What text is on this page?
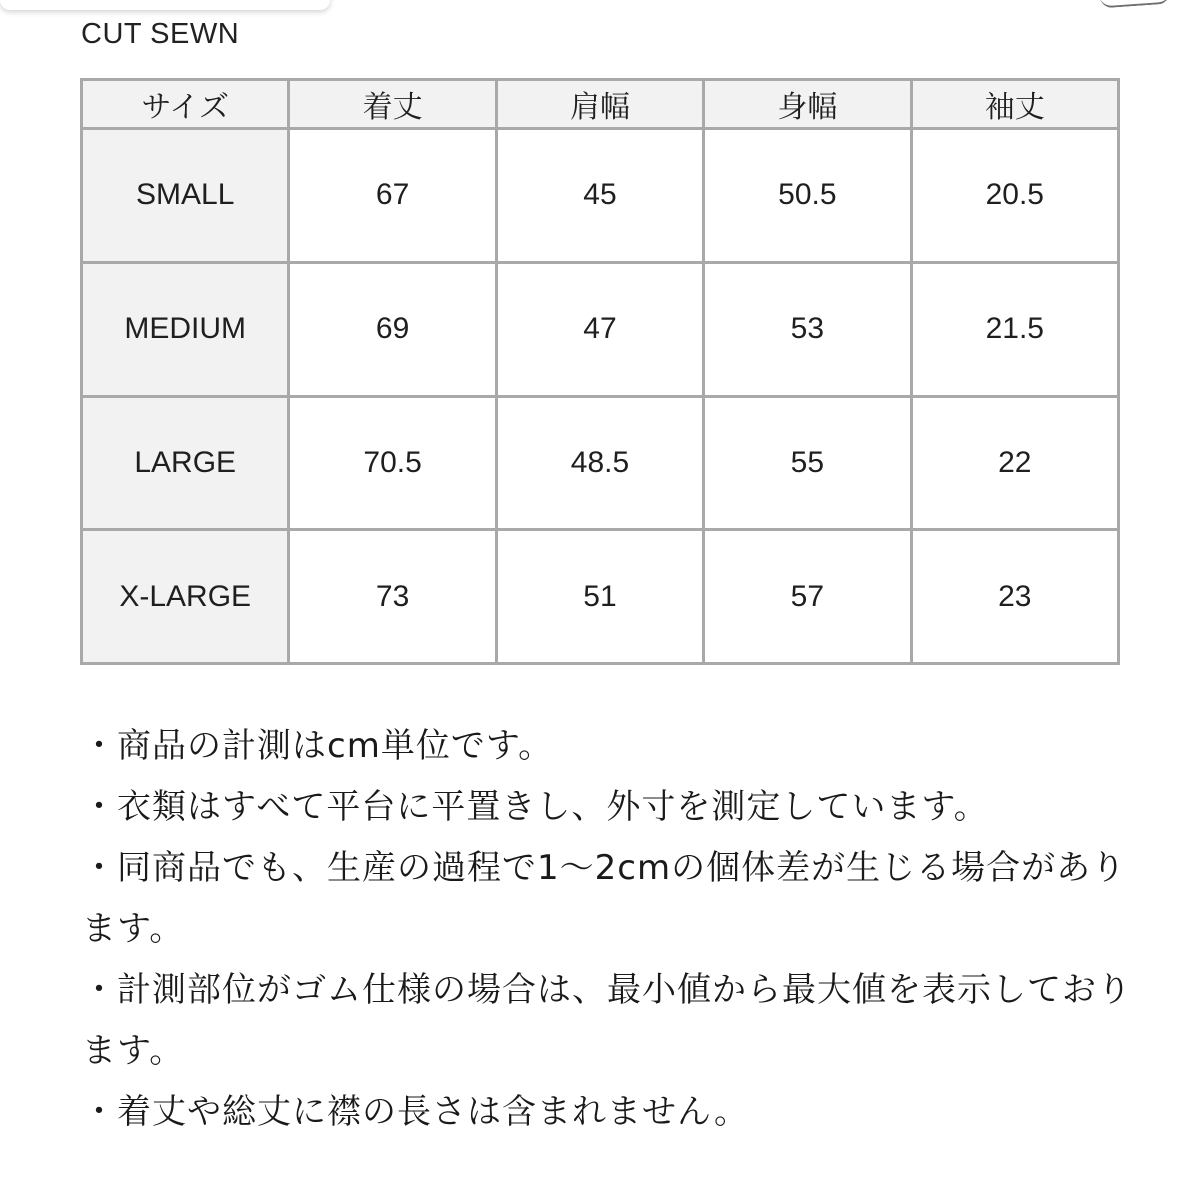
CUT SEWN
サイズ	着丈	肩幅	身幅	袖丈
SMALL	67	45	50.5	20.5
MEDIUM	69	47	53	21.5
LARGE	70.5	48.5	55	22
X-LARGE	73	51	57	23

・商品の計測はcm単位です。

・衣類はすべて平台に平置きし、外寸を測定しています。

・同商品でも、生産の過程で1〜2cmの個体差が生じる場合があります。

・計測部位がゴム仕様の場合は、最小値から最大値を表示しております。

・着丈や総丈に襟の長さは含まれません。
